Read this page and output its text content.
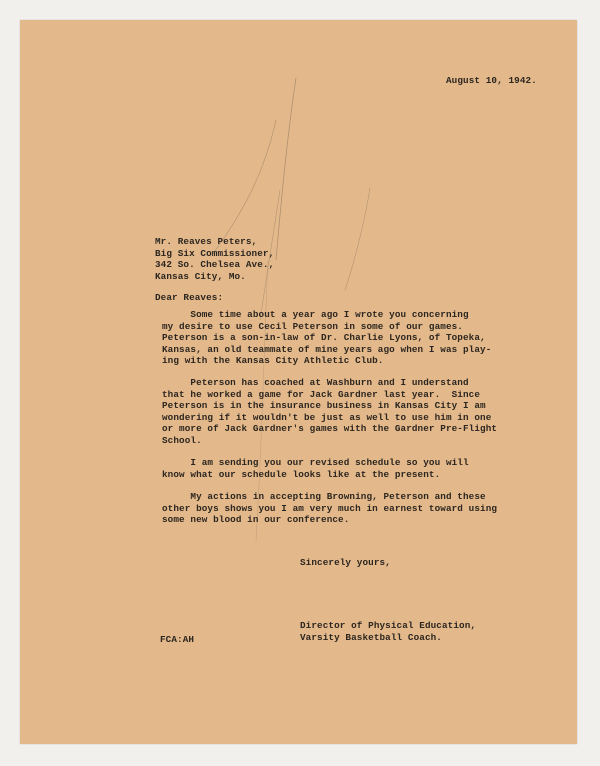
August 10, 1942.
Mr. Reaves Peters,
Big Six Commissioner,
342 So. Chelsea Ave.,
Kansas City, Mo.
Dear Reaves:
Some time about a year ago I wrote you concerning
my desire to use Cecil Peterson in some of our games.
Peterson is a son-in-law of Dr. Charlie Lyons, of Topeka,
Kansas, an old teammate of mine years ago when I was play-
ing with the Kansas City Athletic Club.
Peterson has coached at Washburn and I understand
that he worked a game for Jack Gardner last year.  Since
Peterson is in the insurance business in Kansas City I am
wondering if it wouldn't be just as well to use him in one
or more of Jack Gardner's games with the Gardner Pre-Flight
School.
I am sending you our revised schedule so you will
know what our schedule looks like at the present.
My actions in accepting Browning, Peterson and these
other boys shows you I am very much in earnest toward using
some new blood in our conference.
Sincerely yours,
Director of Physical Education,
Varsity Basketball Coach.
FCA:AH
